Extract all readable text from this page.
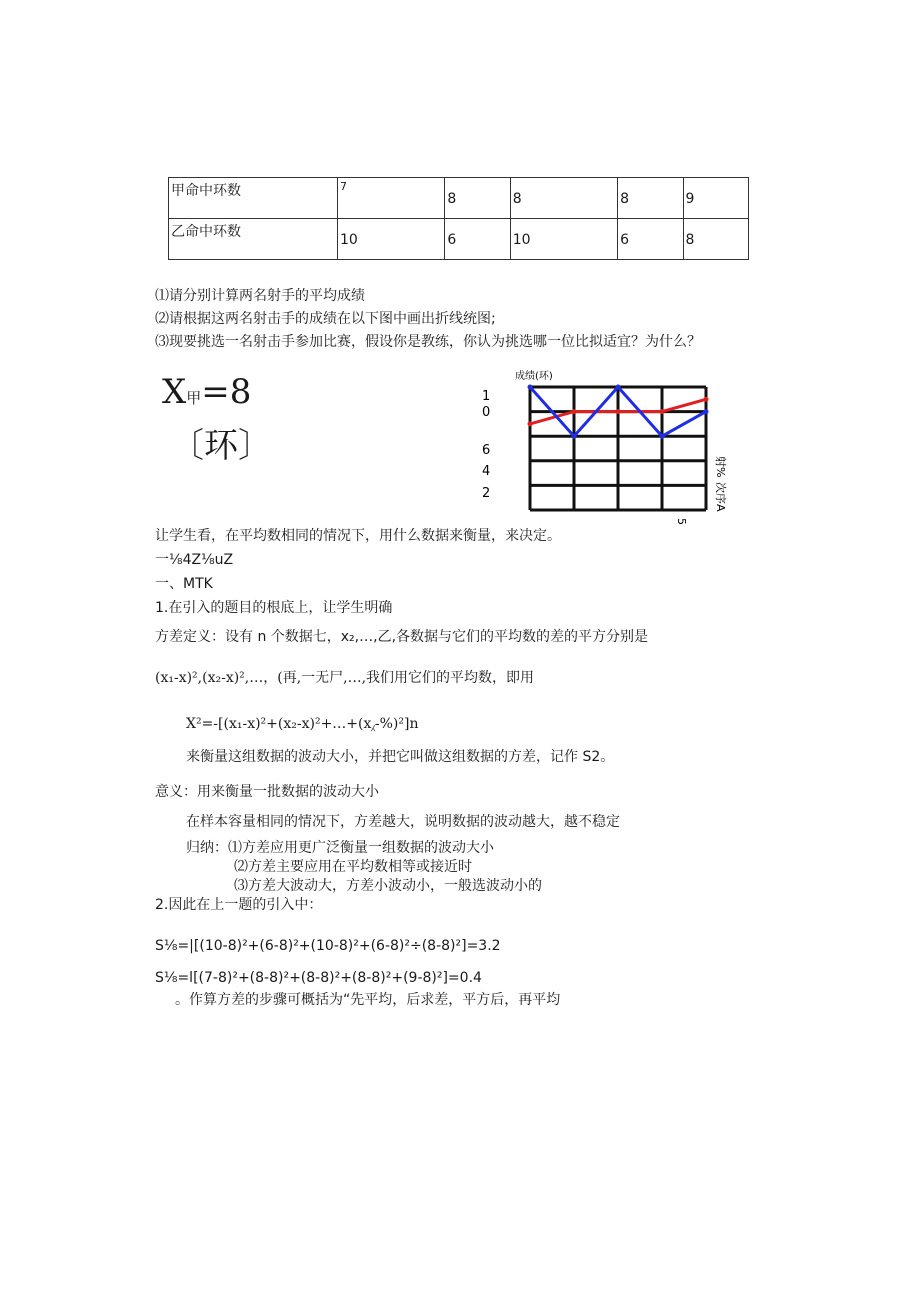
甲命中环数	7	8	8	8	9
乙命中环数	10	6	10	6	8
⑴请分别计算两名射手的平均成绩
⑵请根据这两名射击手的成绩在以下图中画出折线统图;
⑶现要挑选一名射击手参加比赛，假设你是教练，你认为挑选哪一位比拟适宜？为什么？
X甲=8
〔环〕
成绩(环)
1
0
6
4
2
射%
次序A
5
让学生看，在平均数相同的情况下，用什么数据来衡量，来决定。
一⅛4Z⅛uZ
一、MTK
1.在引入的题目的根底上，让学生明确
方差定义：设有 n 个数据七，x₂,…,乙,各数据与它们的平均数的差的平方分别是
(x₁-x)²,(x₂-x)²,…，(再,一无尸,…,我们用它们的平均数，即用
X²=-[(x₁-x)²+(x₂-x)²+…+(x⁁-%)²]n
来衡量这组数据的波动大小，并把它叫做这组数据的方差，记作 S2。
意义：用来衡量一批数据的波动大小
在样本容量相同的情况下，方差越大，说明数据的波动越大，越不稳定
归纳：⑴方差应用更广泛衡量一组数据的波动大小
⑵方差主要应用在平均数相等或接近时
⑶方差大波动大，方差小波动小，一般选波动小的
2.因此在上一题的引入中：
S⅛=|[(10-8)²+(6-8)²+(10-8)²+(6-8)²÷(8-8)²]=3.2
S⅛=l[(7-8)²+(8-8)²+(8-8)²+(8-8)²+(9-8)²]=0.4
。作算方差的步骤可概括为“先平均，后求差，平方后，再平均
